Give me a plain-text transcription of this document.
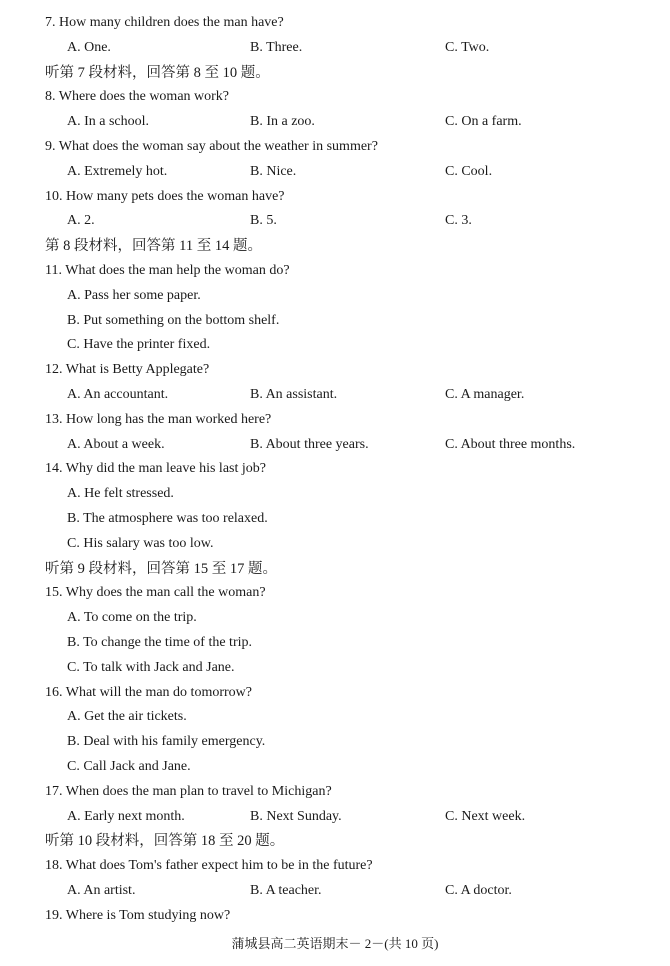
7. How many children does the man have?
A. One.	B. Three.	C. Two.
听第 7 段材料，回答第 8 至 10 题。
8. Where does the woman work?
A. In a school.	B. In a zoo.	C. On a farm.
9. What does the woman say about the weather in summer?
A. Extremely hot.	B. Nice.	C. Cool.
10. How many pets does the woman have?
A. 2.	B. 5.	C. 3.
第 8 段材料，回答第 11 至 14 题。
11. What does the man help the woman do?
A. Pass her some paper.
B. Put something on the bottom shelf.
C. Have the printer fixed.
12. What is Betty Applegate?
A. An accountant.	B. An assistant.	C. A manager.
13. How long has the man worked here?
A. About a week.	B. About three years.	C. About three months.
14. Why did the man leave his last job?
A. He felt stressed.
B. The atmosphere was too relaxed.
C. His salary was too low.
听第 9 段材料，回答第 15 至 17 题。
15. Why does the man call the woman?
A. To come on the trip.
B. To change the time of the trip.
C. To talk with Jack and Jane.
16. What will the man do tomorrow?
A. Get the air tickets.
B. Deal with his family emergency.
C. Call Jack and Jane.
17. When does the man plan to travel to Michigan?
A. Early next month.	B. Next Sunday.	C. Next week.
听第 10 段材料，回答第 18 至 20 题。
18. What does Tom's father expect him to be in the future?
A. An artist.	B. A teacher.	C. A doctor.
19. Where is Tom studying now?
蒲城县高二英语期末－ 2－(共 10 页)
